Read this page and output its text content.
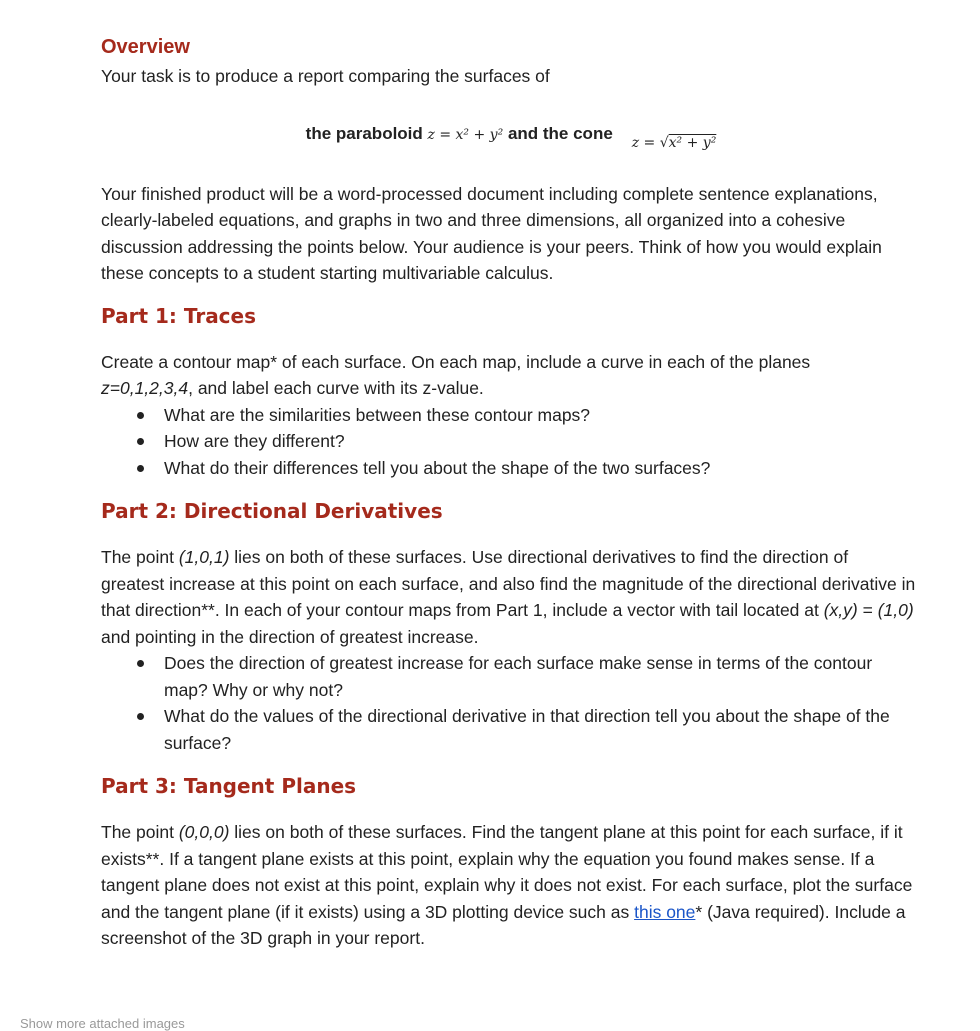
Overview

Your task is to produce a report comparing the surfaces of

the paraboloid z = x² + y² and the cone z = √x² + y²

Your finished product will be a word-processed document including complete sentence explanations, clearly-labeled equations, and graphs in two and three dimensions, all organized into a cohesive discussion addressing the points below. Your audience is your peers. Think of how you would explain these concepts to a student starting multivariable calculus.

Part 1: Traces

Create a contour map* of each surface. On each map, include a curve in each of the planes z=0,1,2,3,4, and label each curve with its z-value.

What are the similarities between these contour maps?
How are they different?
What do their differences tell you about the shape of the two surfaces?
Part 2: Directional Derivatives

The point (1,0,1) lies on both of these surfaces. Use directional derivatives to find the direction of greatest increase at this point on each surface, and also find the magnitude of the directional derivative in that direction**. In each of your contour maps from Part 1, include a vector with tail located at (x,y) = (1,0) and pointing in the direction of greatest increase.

Does the direction of greatest increase for each surface make sense in terms of the contour map? Why or why not?
What do the values of the directional derivative in that direction tell you about the shape of the surface?
Part 3: Tangent Planes

The point (0,0,0) lies on both of these surfaces. Find the tangent plane at this point for each surface, if it exists**. If a tangent plane exists at this point, explain why the equation you found makes sense. If a tangent plane does not exist at this point, explain why it does not exist. For each surface, plot the surface and the tangent plane (if it exists) using a 3D plotting device such as this one* (Java required). Include a screenshot of the 3D graph in your report.

Show more attached images
